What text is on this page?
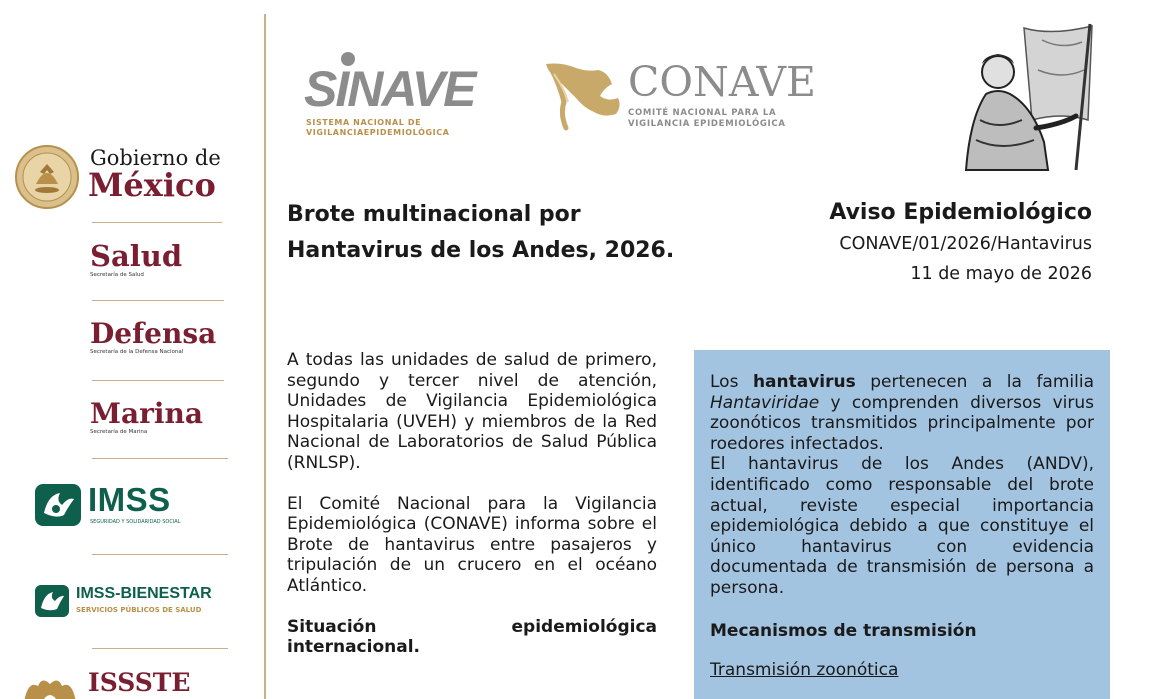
Gobierno de
México
Salud
Secretaría de Salud
Defensa
Secretaría de la Defensa Nacional
Marina
Secretaría de Marina
IMSS
SEGURIDAD Y SOLIDARIDAD SOCIAL
IMSS-BIENESTAR
SERVICIOS PÚBLICOS DE SALUD
ISSSTE
SINAVE
SISTEMA NACIONAL DE
VIGILANCIAEPIDEMIOLÓGICA
CONAVE
COMITÉ NACIONAL PARA LA
VIGILANCIA EPIDEMIOLÓGICA
Brote multinacional por
Hantavirus de los Andes, 2026.
Aviso Epidemiológico
CONAVE/01/2026/Hantavirus
11 de mayo de 2026

A todas las unidades de salud de primero, segundo y tercer nivel de atención, Unidades de Vigilancia Epidemiológica Hospitalaria (UVEH) y miembros de la Red Nacional de Laboratorios de Salud Pública (RNLSP).

El Comité Nacional para la Vigilancia Epidemiológica (CONAVE) informa sobre el Brote de hantavirus entre pasajeros y tripulación de un crucero en el océano Atlántico.

Situación epidemiológica internacional.

Los hantavirus pertenecen a la familia Hantaviridae y comprenden diversos virus zoonóticos transmitidos principalmente por roedores infectados.

El hantavirus de los Andes (ANDV), identificado como responsable del brote actual, reviste especial importancia epidemiológica debido a que constituye el único hantavirus con evidencia documentada de transmisión de persona a persona.

Mecanismos de transmisión
Transmisión zoonótica
